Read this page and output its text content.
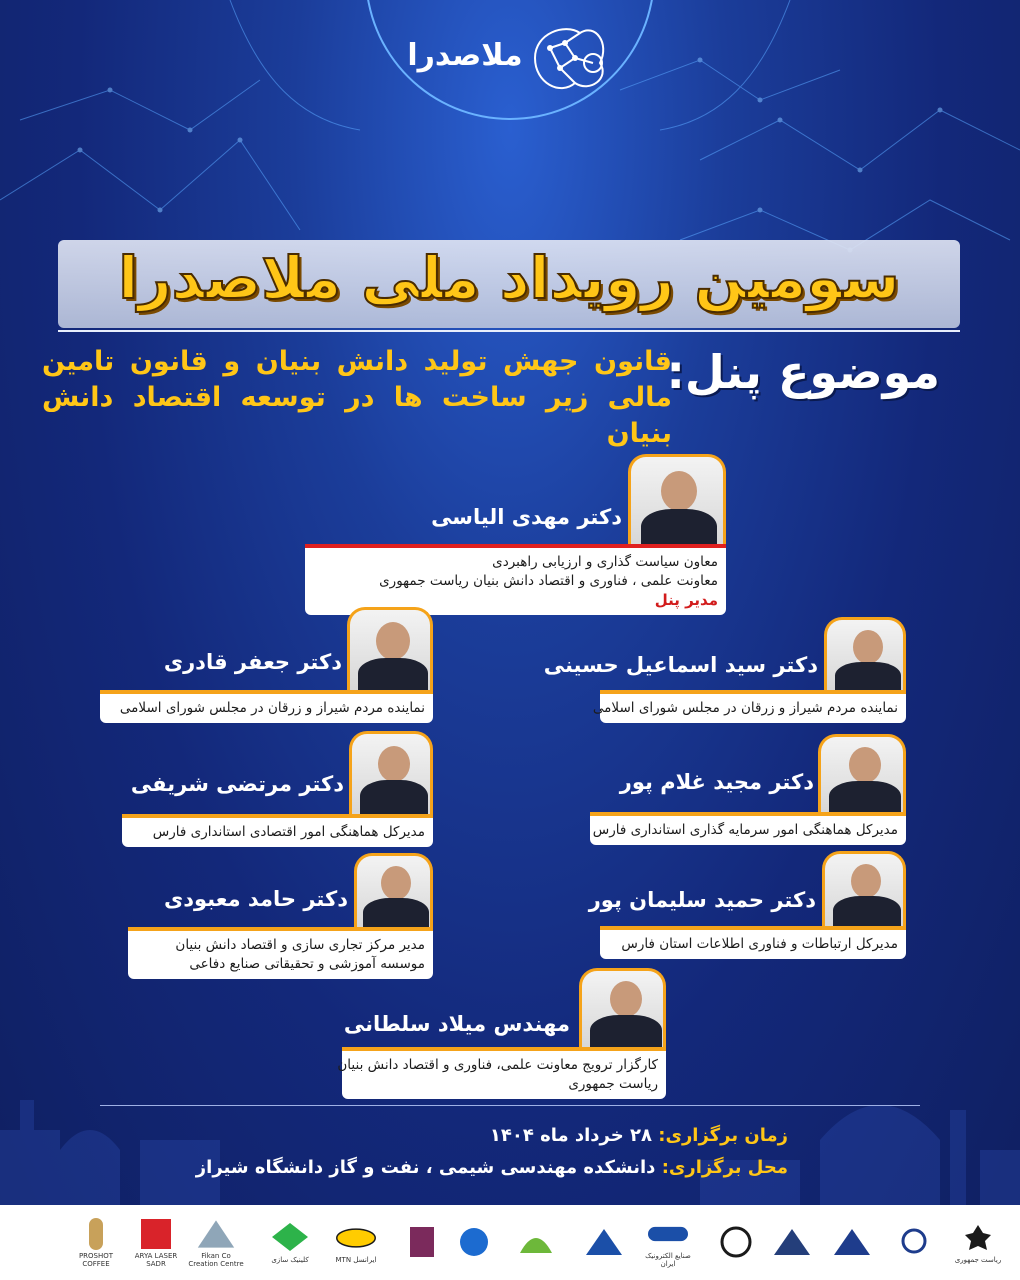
ملاصدرا
سومین رویداد ملی ملاصدرا
موضوع پنل:
قانون جهش تولید دانش بنیان و قانون تامین مالی زیر ساخت ها در توسعه اقتصاد دانش بنیان
دکتر مهدی الیاسی
معاون سیاست گذاری و ارزیابی راهبردی
معاونت علمی ، فناوری و اقتصاد دانش بنیان ریاست جمهوری
مدیر پنل
دکتر سید اسماعیل حسینی
نماینده مردم شیراز و زرقان در مجلس شورای اسلامی
دکتر جعفر قادری
نماینده مردم شیراز و زرقان در مجلس شورای اسلامی
دکتر مجید غلام پور
مدیرکل هماهنگی امور سرمایه گذاری استانداری فارس
دکتر مرتضی شریفی
مدیرکل هماهنگی امور اقتصادی استانداری فارس
دکتر حمید سلیمان پور
مدیرکل ارتباطات و فناوری اطلاعات استان فارس
دکتر حامد معبودی
مدیر مرکز تجاری سازی و اقتصاد دانش بنیان
موسسه آموزشی و تحقیقاتی صنایع دفاعی
مهندس میلاد سلطانی
کارگزار ترویج معاونت علمی، فناوری و اقتصاد دانش بنیان
ریاست جمهوری
زمان برگزاری: ۲۸ خرداد ماه ۱۴۰۴
محل برگزاری: دانشکده مهندسی شیمی ، نفت و گاز دانشگاه شیراز
ریاست جمهوری
صنایع الکترونیک ایران
ایرانسل MTN
کلینیک سازی
Fikan Co Creation Centre
ARYA LASER SADR
PROSHOT COFFEE
